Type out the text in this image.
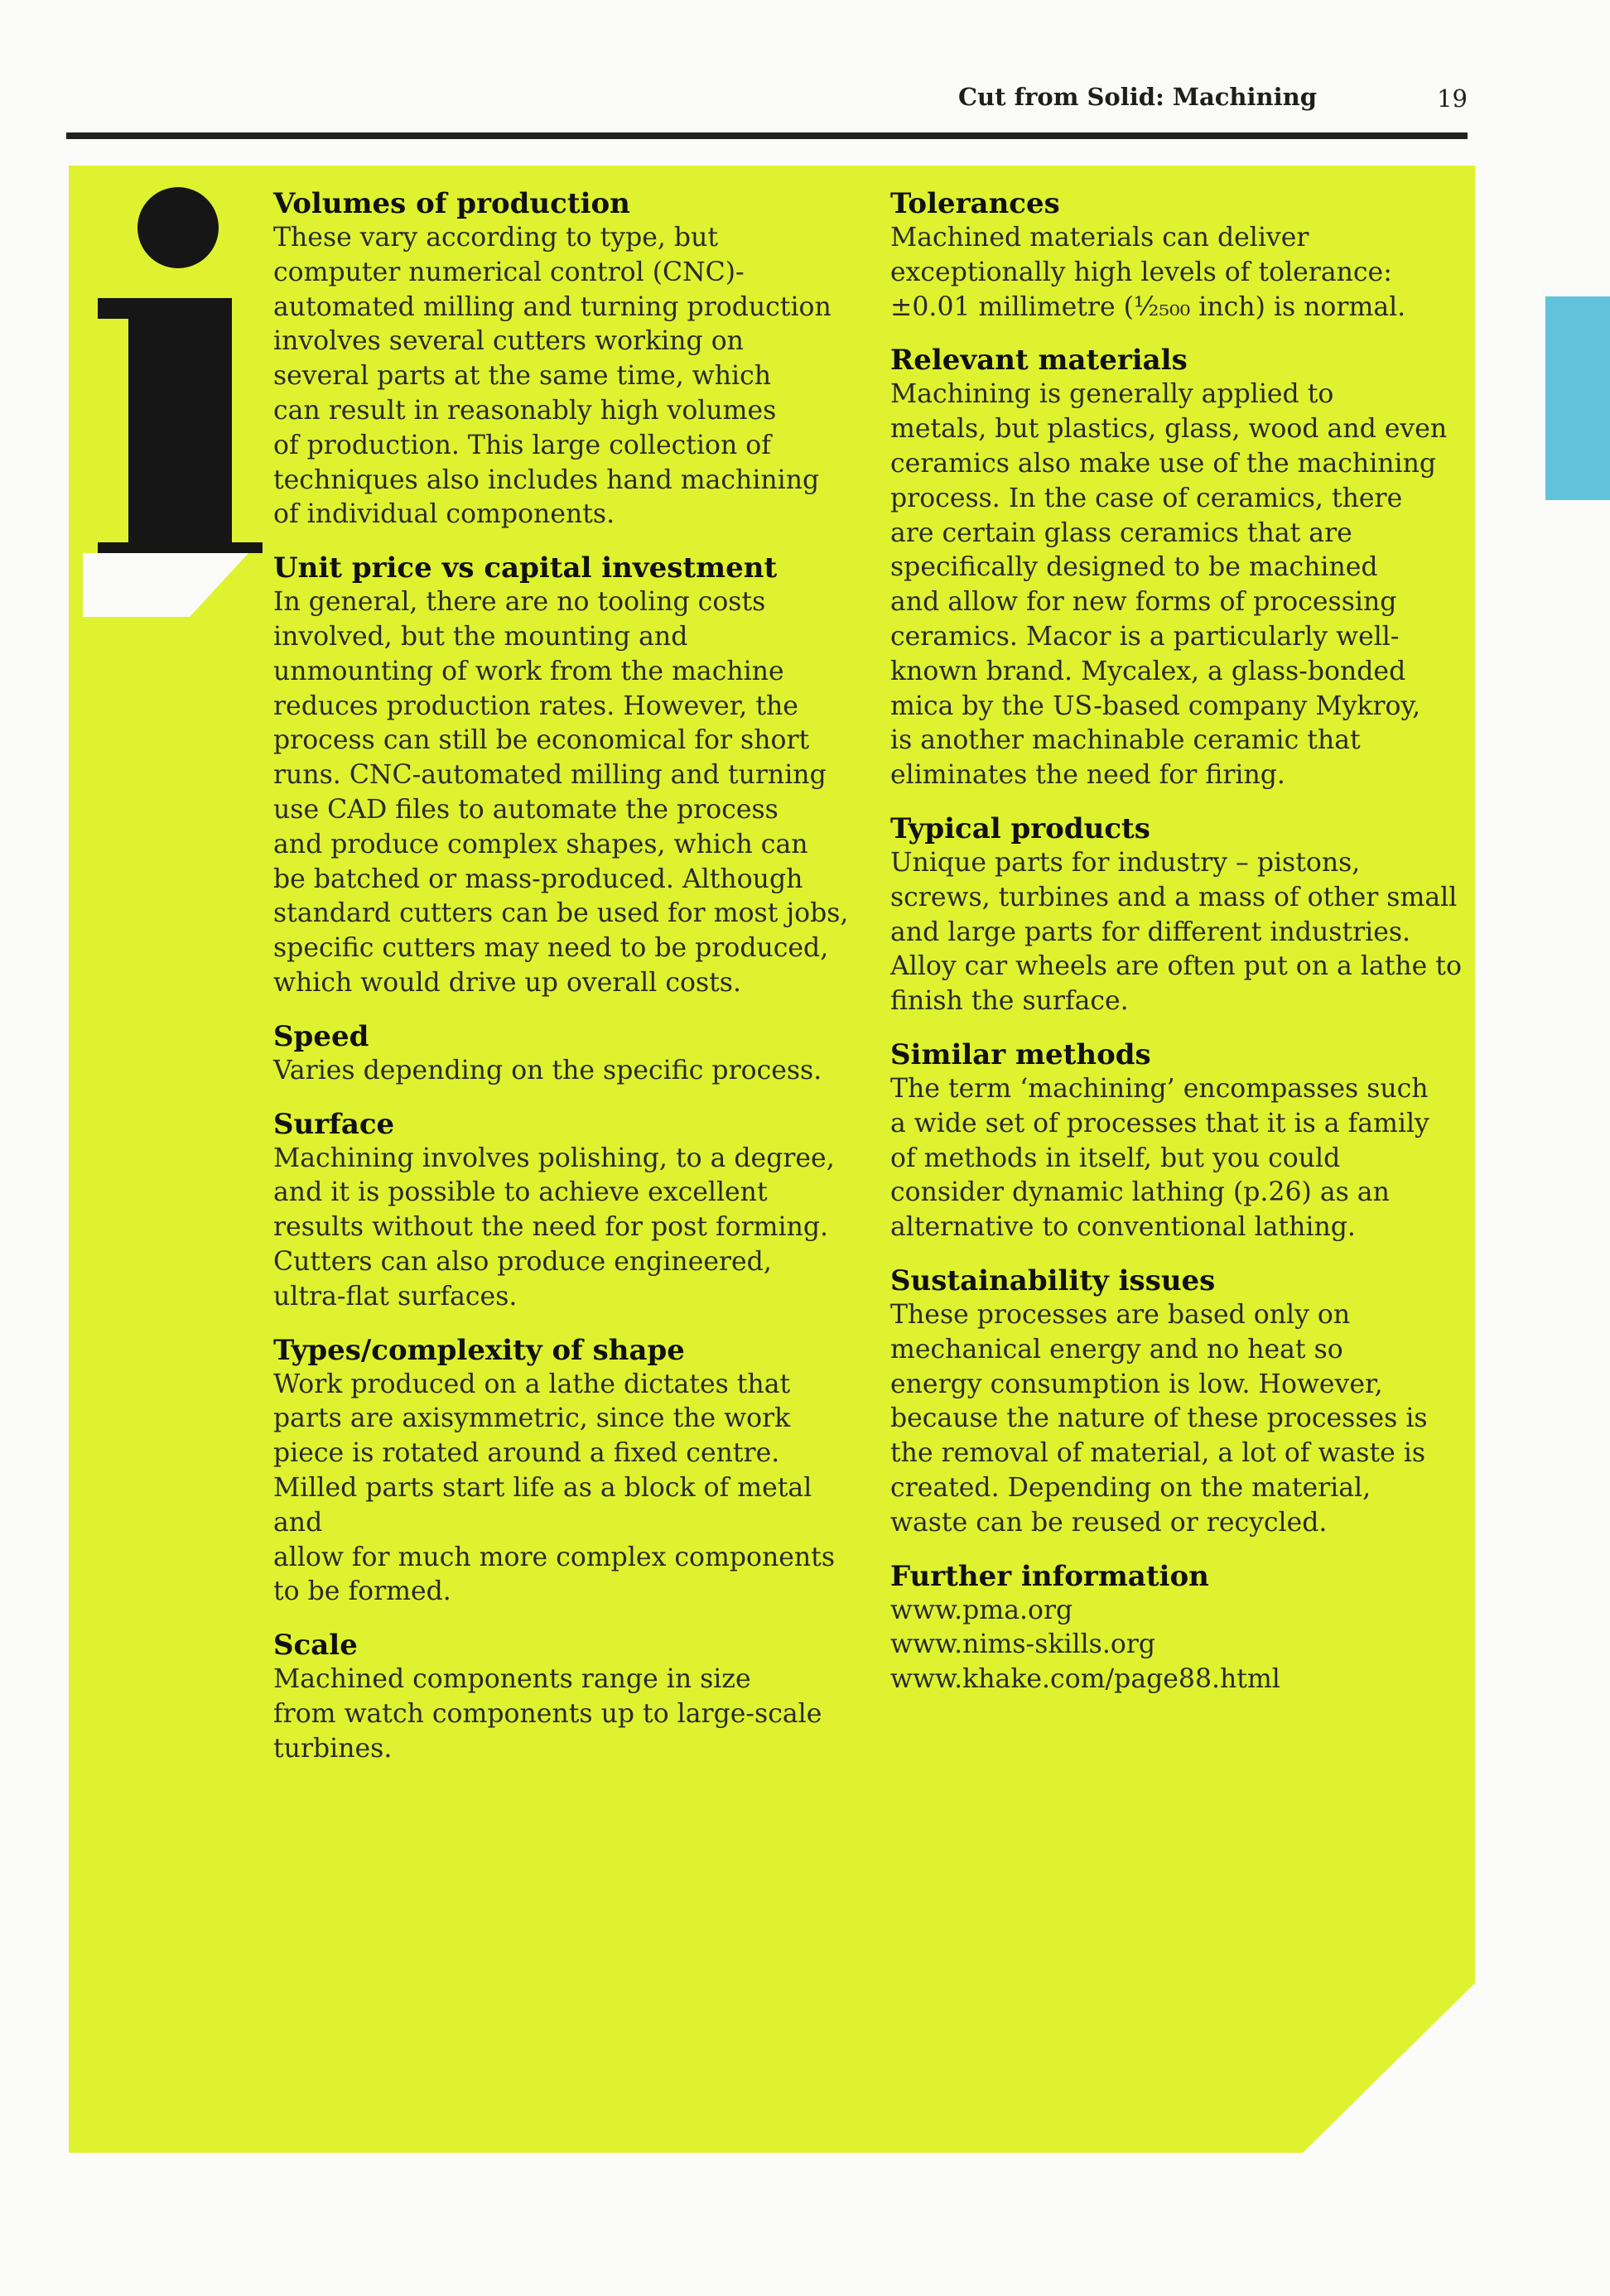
Cut from Solid: Machining	19

Volumes of production

These vary according to type, but
computer numerical control (CNC)-
automated milling and turning production
involves several cutters working on
several parts at the same time, which
can result in reasonably high volumes
of production. This large collection of
techniques also includes hand machining
of individual components.

Unit price vs capital investment

In general, there are no tooling costs
involved, but the mounting and
unmounting of work from the machine
reduces production rates. However, the
process can still be economical for short
runs. CNC-automated milling and turning
use CAD files to automate the process
and produce complex shapes, which can
be batched or mass-produced. Although
standard cutters can be used for most jobs,
specific cutters may need to be produced,
which would drive up overall costs.

Speed

Varies depending on the specific process.

Surface

Machining involves polishing, to a degree,
and it is possible to achieve excellent
results without the need for post forming.
Cutters can also produce engineered,
ultra-flat surfaces.

Types/complexity of shape

Work produced on a lathe dictates that
parts are axisymmetric, since the work
piece is rotated around a fixed centre.
Milled parts start life as a block of metal and
allow for much more complex components
to be formed.

Scale

Machined components range in size
from watch components up to large-scale
turbines.

Tolerances

Machined materials can deliver
exceptionally high levels of tolerance:
±0.01 millimetre (¹⁄₂₅₀₀ inch) is normal.

Relevant materials

Machining is generally applied to
metals, but plastics, glass, wood and even
ceramics also make use of the machining
process. In the case of ceramics, there
are certain glass ceramics that are
specifically designed to be machined
and allow for new forms of processing
ceramics. Macor is a particularly well-
known brand. Mycalex, a glass-bonded
mica by the US-based company Mykroy,
is another machinable ceramic that
eliminates the need for firing.

Typical products

Unique parts for industry – pistons,
screws, turbines and a mass of other small
and large parts for different industries.
Alloy car wheels are often put on a lathe to
finish the surface.

Similar methods

The term ‘machining’ encompasses such
a wide set of processes that it is a family
of methods in itself, but you could
consider dynamic lathing (p.26) as an
alternative to conventional lathing.

Sustainability issues

These processes are based only on
mechanical energy and no heat so
energy consumption is low. However,
because the nature of these processes is
the removal of material, a lot of waste is
created. Depending on the material,
waste can be reused or recycled.

Further information

www.pma.org
www.nims-skills.org
www.khake.com/page88.html
